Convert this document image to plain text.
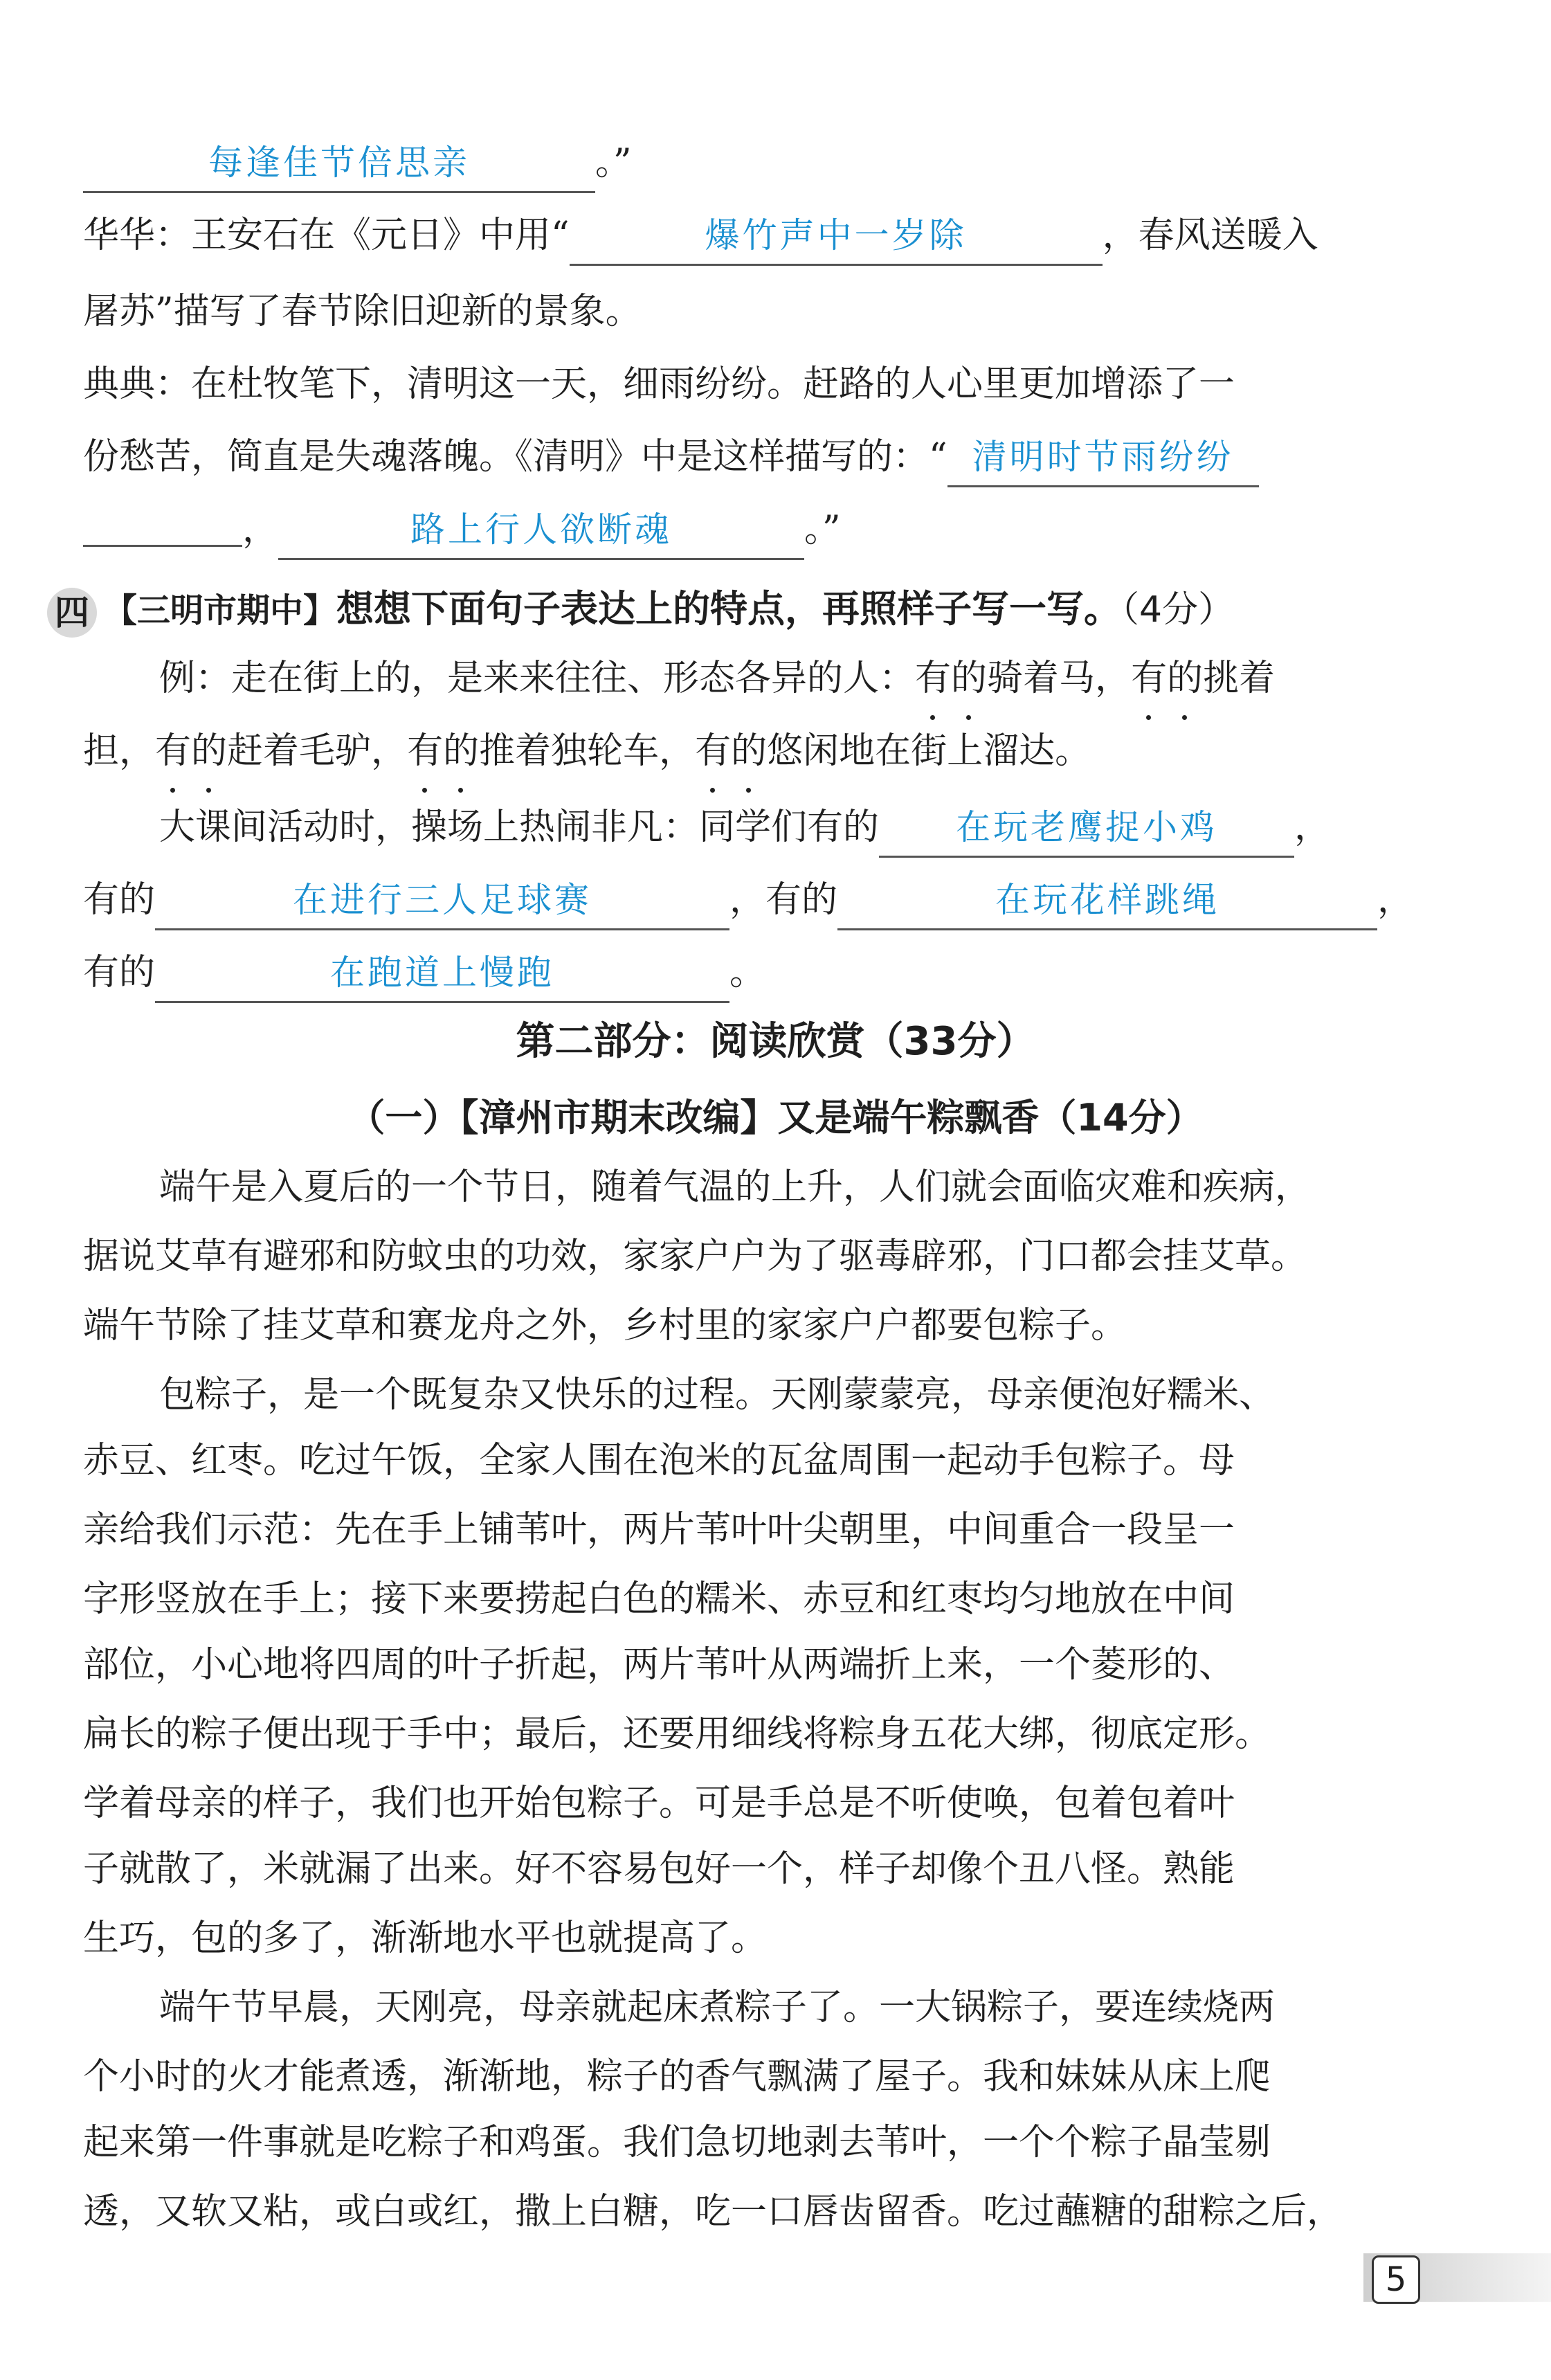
每逢佳节倍思亲	。”
华华：王安石在《元日》中用“	爆竹声中一岁除	，春风送暖入
屠苏”描写了春节除旧迎新的景象。
典典：在杜牧笔下，清明这一天，细雨纷纷。赶路的人心里更加增添了一
份愁苦，简直是失魂落魄。《清明》中是这样描写的：“ 清明时节雨纷纷
，	路上行人欲断魂	。”
四 【三明市期中】想想下面句子表达上的特点，再照样子写一写。（4分）
例：走在街上的，是来来往往、形态各异的人：有的骑着马，有的挑着
担，有的赶着毛驴，有的推着独轮车，有的悠闲地在街上溜达。
大课间活动时，操场上热闹非凡：同学们有的 在玩老鹰捉小鸡 ，
有的	在进行三人足球赛	，有的	在玩花样跳绳	，
有的	在跑道上慢跑	。
第二部分：阅读欣赏（33分）
（一）【漳州市期末改编】又是端午粽飘香（14分）
端午是入夏后的一个节日，随着气温的上升，人们就会面临灾难和疾病，
据说艾草有避邪和防蚊虫的功效，家家户户为了驱毒辟邪，门口都会挂艾草。
端午节除了挂艾草和赛龙舟之外，乡村里的家家户户都要包粽子。
包粽子，是一个既复杂又快乐的过程。天刚蒙蒙亮，母亲便泡好糯米、
赤豆、红枣。吃过午饭，全家人围在泡米的瓦盆周围一起动手包粽子。母
亲给我们示范：先在手上铺苇叶，两片苇叶叶尖朝里，中间重合一段呈一
字形竖放在手上；接下来要捞起白色的糯米、赤豆和红枣均匀地放在中间
部位，小心地将四周的叶子折起，两片苇叶从两端折上来，一个菱形的、
扁长的粽子便出现于手中；最后，还要用细线将粽身五花大绑，彻底定形。
学着母亲的样子，我们也开始包粽子。可是手总是不听使唤，包着包着叶
子就散了，米就漏了出来。好不容易包好一个，样子却像个丑八怪。熟能
生巧，包的多了，渐渐地水平也就提高了。
端午节早晨，天刚亮，母亲就起床煮粽子了。一大锅粽子，要连续烧两
个小时的火才能煮透，渐渐地，粽子的香气飘满了屋子。我和妹妹从床上爬
起来第一件事就是吃粽子和鸡蛋。我们急切地剥去苇叶，一个个粽子晶莹剔
透，又软又粘，或白或红，撒上白糖，吃一口唇齿留香。吃过蘸糖的甜粽之后，
5
